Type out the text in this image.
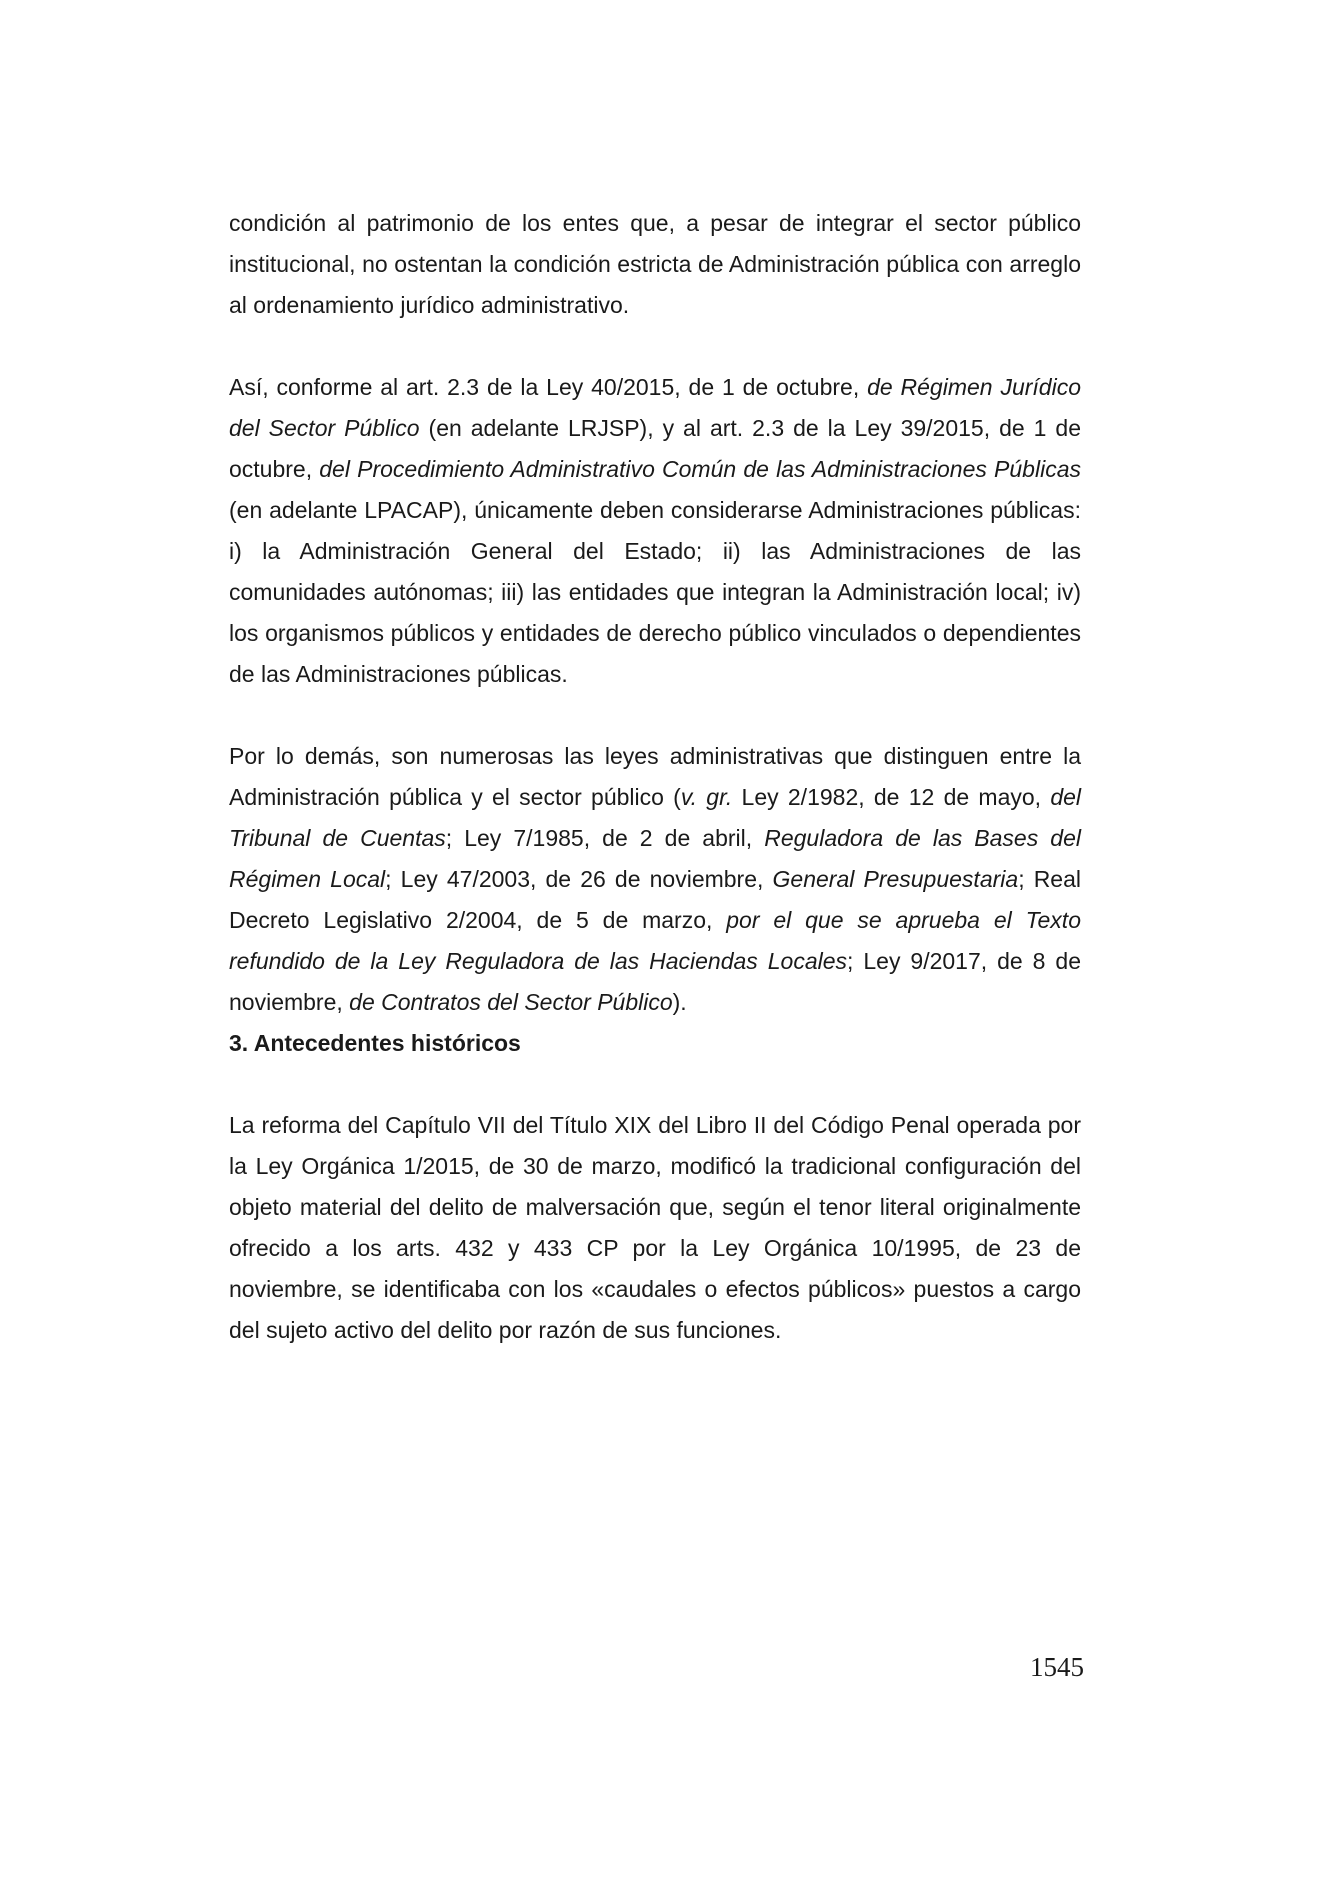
condición al patrimonio de los entes que, a pesar de integrar el sector público institucional, no ostentan la condición estricta de Administración pública con arreglo al ordenamiento jurídico administrativo.

Así, conforme al art. 2.3 de la Ley 40/2015, de 1 de octubre, de Régimen Jurídico del Sector Público (en adelante LRJSP), y al art. 2.3 de la Ley 39/2015, de 1 de octubre, del Procedimiento Administrativo Común de las Administraciones Públicas (en adelante LPACAP), únicamente deben considerarse Administraciones públicas: i) la Administración General del Estado; ii) las Administraciones de las comunidades autónomas; iii) las entidades que integran la Administración local; iv) los organismos públicos y entidades de derecho público vinculados o dependientes de las Administraciones públicas.

Por lo demás, son numerosas las leyes administrativas que distinguen entre la Administración pública y el sector público (v. gr. Ley 2/1982, de 12 de mayo, del Tribunal de Cuentas; Ley 7/1985, de 2 de abril, Reguladora de las Bases del Régimen Local; Ley 47/2003, de 26 de noviembre, General Presupuestaria; Real Decreto Legislativo 2/2004, de 5 de marzo, por el que se aprueba el Texto refundido de la Ley Reguladora de las Haciendas Locales; Ley 9/2017, de 8 de noviembre, de Contratos del Sector Público).

3. Antecedentes históricos

La reforma del Capítulo VII del Título XIX del Libro II del Código Penal operada por la Ley Orgánica 1/2015, de 30 de marzo, modificó la tradicional configuración del objeto material del delito de malversación que, según el tenor literal originalmente ofrecido a los arts. 432 y 433 CP por la Ley Orgánica 10/1995, de 23 de noviembre, se identificaba con los «caudales o efectos públicos» puestos a cargo del sujeto activo del delito por razón de sus funciones.

1545
